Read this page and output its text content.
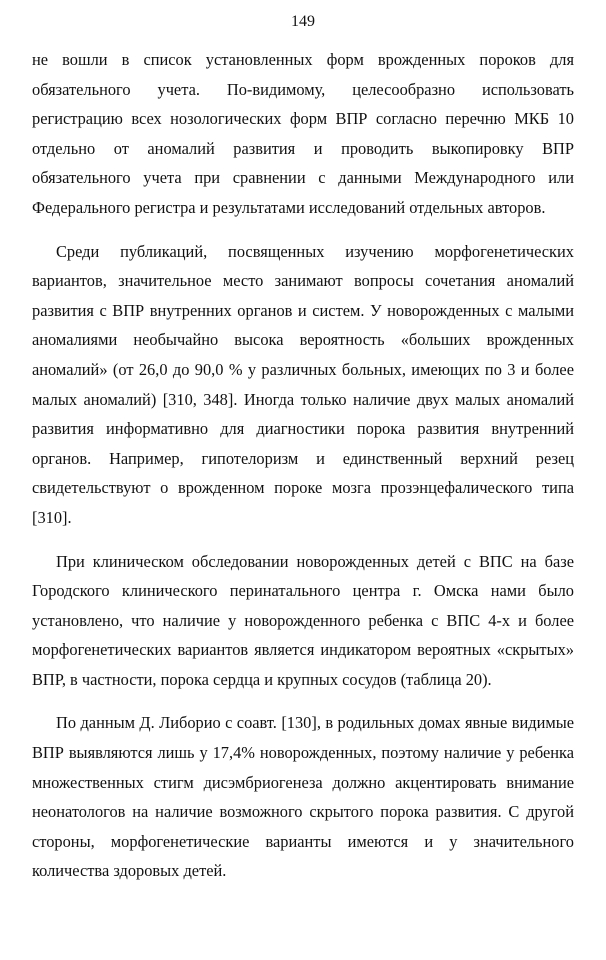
149

не вошли в список установленных форм врожденных пороков для обязательного учета. По-видимому, целесообразно использовать регистрацию всех нозологических форм ВПР согласно перечню МКБ 10 отдельно от аномалий развития и проводить выкопировку ВПР обязательного учета при сравнении с данными Международного или Федерального регистра и результатами исследований отдельных авторов.

Среди публикаций, посвященных изучению морфогенетических вариантов, значительное место занимают вопросы сочетания аномалий развития с ВПР внутренних органов и систем. У новорожденных с малыми аномалиями необычайно высока вероятность «больших врожденных аномалий» (от 26,0 до 90,0 % у различных больных, имеющих по 3 и более малых аномалий) [310, 348]. Иногда только наличие двух малых аномалий развития информативно для диагностики порока развития внутренний органов. Например, гипотелоризм и единственный верхний резец свидетельствуют о врожденном пороке мозга прозэнцефалического типа [310].

При клиническом обследовании новорожденных детей с ВПС на базе Городского клинического перинатального центра г. Омска нами было установлено, что наличие у новорожденного ребенка с ВПС 4-х и более морфогенетических вариантов является индикатором вероятных «скрытых» ВПР, в частности, порока сердца и крупных сосудов (таблица 20).

По данным Д. Либорио с соавт. [130], в родильных домах явные видимые ВПР выявляются лишь у 17,4% новорожденных, поэтому наличие у ребенка множественных стигм дисэмбриогенеза должно акцентировать внимание неонатологов на наличие возможного скрытого порока развития. С другой стороны, морфогенетические варианты имеются и у значительного количества здоровых детей.
